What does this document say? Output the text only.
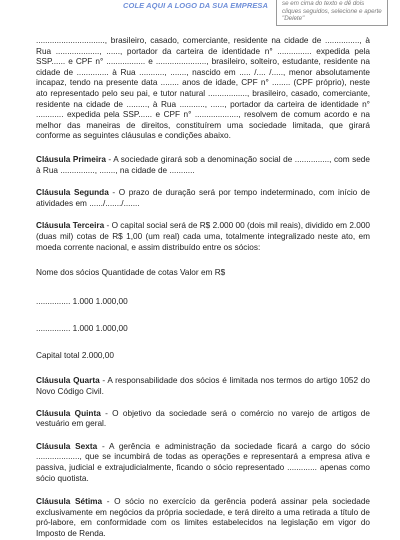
COLE AQUI A LOGO DA SUA EMPRESA	se em cima do texto e dê dois cliques seguidos, selecione e aperte "Delete"

.............................., brasileiro, casado, comerciante, residente na cidade de ..............., à Rua ..................., ......, portador da carteira de identidade n° ............... expedida pela SSP...... e CPF n° ................. e ......................, brasileiro, solteiro, estudante, residente na cidade de .............. à Rua ..........., ......., nascido em ..... /.... /....., menor absolutamente incapaz, tendo na presente data ........ anos de idade, CPF n° ........ (CPF próprio), neste ato representado pelo seu pai, e tutor natural ................., brasileiro, casado, comerciante, residente na cidade de ........., à Rua ..........., ......, portador da carteira de identidade n° ............ expedida pela SSP...... e CPF n° ..................., resolvem de comum acordo e na melhor das maneiras de direitos, constituírem uma sociedade limitada, que girará conforme as seguintes cláusulas e condições abaixo.

Cláusula Primeira - A sociedade girará sob a denominação social de ..............., com sede à Rua ..............., ......., na cidade de ...........

Cláusula Segunda - O prazo de duração será por tempo indeterminado, com início de atividades em ....../......./.......

Cláusula Terceira - O capital social será de R$ 2.000 00 (dois mil reais), dividido em 2.000 (duas mil) cotas de R$ 1,00 (um real) cada uma, totalmente integralizado neste ato, em moeda corrente nacional, e assim distribuído entre os sócios:

Nome dos sócios Quantidade de cotas Valor em R$

............... 1.000 1.000,00

............... 1.000 1.000,00

Capital total 2.000,00

Cláusula Quarta - A responsabilidade dos sócios é limitada nos termos do artigo 1052 do Novo Código Civil.

Cláusula Quinta - O objetivo da sociedade será o comércio no varejo de artigos de vestuário em geral.

Cláusula Sexta - A gerência e administração da sociedade ficará a cargo do sócio ..................., que se incumbirá de todas as operações e representará a empresa ativa e passiva, judicial e extrajudicialmente, ficando o sócio representado ............. apenas como sócio quotista.

Cláusula Sétima - O sócio no exercício da gerência poderá assinar pela sociedade exclusivamente em negócios da própria sociedade, e terá direito a uma retirada a título de pró-labore, em conformidade com os limites estabelecidos na legislação em vigor do Imposto de Renda.
